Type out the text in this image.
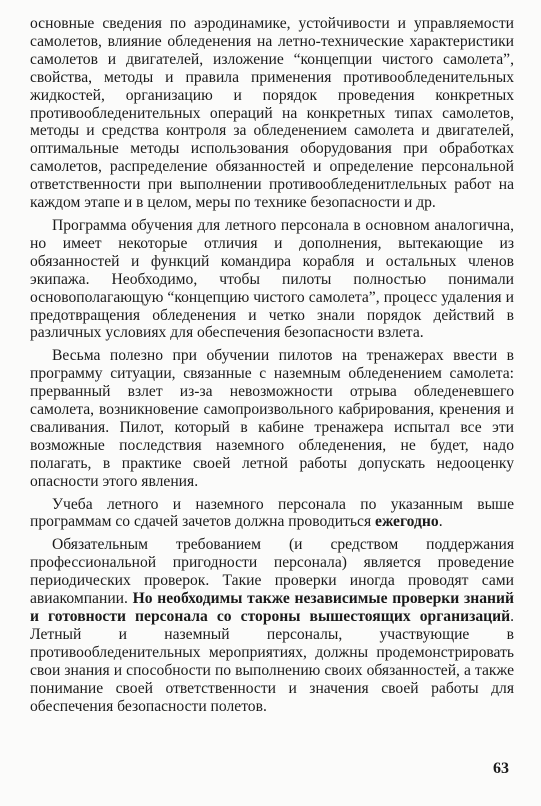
основные сведения по аэродинамике, устойчивости и управляемости самолетов, влияние обледенения на летно-технические характеристики самолетов и двигателей, изложение “концепции чистого самолета”, свойства, методы и правила применения противообледенительных жидкостей, организацию и порядок проведения конкретных противообледенительных операций на конкретных типах самолетов, методы и средства контроля за обледенением самолета и двигателей, оптимальные методы использования оборудования при обработках самолетов, распределение обязанностей и определение персональной ответственности при выполнении противообледенитлельных работ на каждом этапе и в целом, меры по технике безопасности и др.

Программа обучения для летного персонала в основном аналогична, но имеет некоторые отличия и дополнения, вытекающие из обязанностей и функций командира корабля и остальных членов экипажа. Необходимо, чтобы пилоты полностью понимали основополагающую “концепцию чистого самолета”, процесс удаления и предотвращения обледенения и четко знали порядок действий в различных условиях для обеспечения безопасности взлета.

Весьма полезно при обучении пилотов на тренажерах ввести в программу ситуации, связанные с наземным обледенением самолета: прерванный взлет из-за невозможности отрыва обледеневшего самолета, возникновение самопроизвольного кабрирования, кренения и сваливания. Пилот, который в кабине тренажера испытал все эти возможные последствия наземного обледенения, не будет, надо полагать, в практике своей летной работы допускать недооценку опасности этого явления.

Учеба летного и наземного персонала по указанным выше программам со сдачей зачетов должна проводиться ежегодно.

Обязательным требованием (и средством поддержания профессиональной пригодности персонала) является проведение периодических проверок. Такие проверки иногда проводят сами авиакомпании. Но необходимы также независимые проверки знаний и готовности персонала со стороны вышестоящих организаций. Летный и наземный персоналы, участвующие в противообледенительных мероприятиях, должны продемонстрировать свои знания и способности по выполнению своих обязанностей, а также понимание своей ответственности и значения своей работы для обеспечения безопасности полетов.

63
